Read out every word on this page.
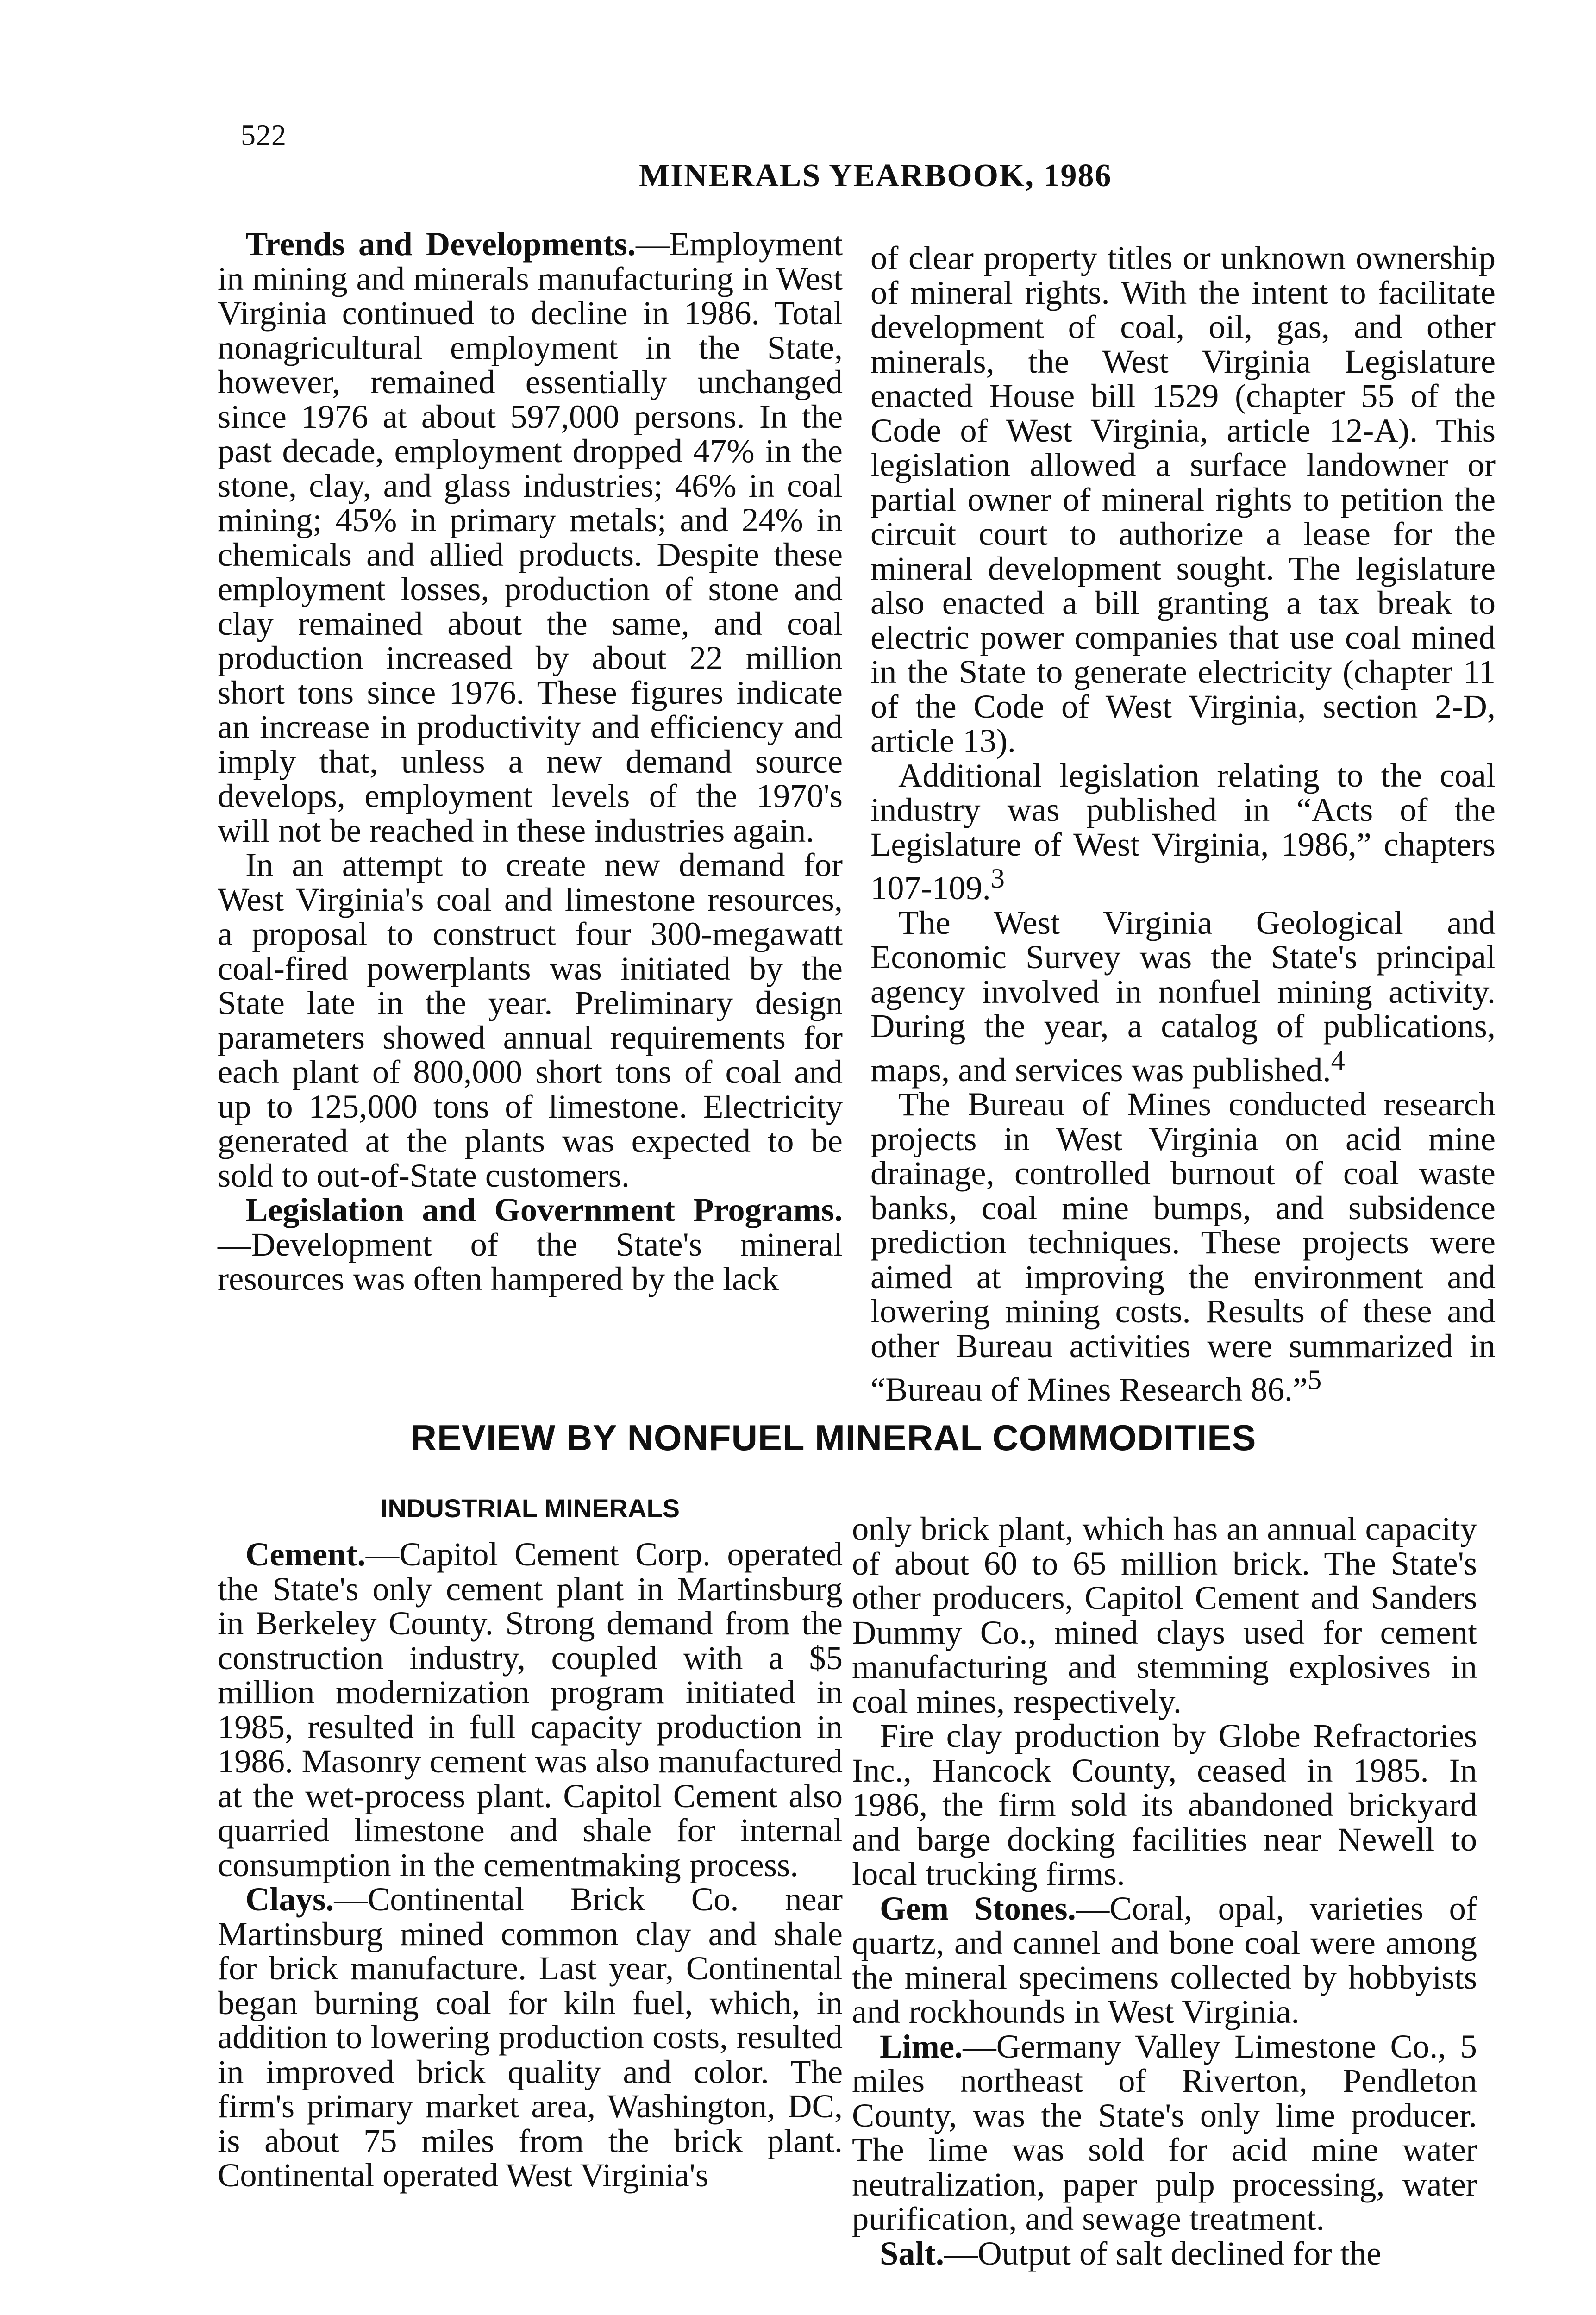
522
MINERALS YEARBOOK, 1986

Trends and Developments.—Employment in mining and minerals manufacturing in West Virginia continued to decline in 1986. Total nonagricultural employment in the State, however, remained essentially unchanged since 1976 at about 597,000 persons. In the past decade, employment dropped 47% in the stone, clay, and glass industries; 46% in coal mining; 45% in primary metals; and 24% in chemicals and allied products. Despite these employment losses, production of stone and clay remained about the same, and coal production increased by about 22 million short tons since 1976. These figures indicate an increase in productivity and efficiency and imply that, unless a new demand source develops, employment levels of the 1970's will not be reached in these industries again.

In an attempt to create new demand for West Virginia's coal and limestone resources, a proposal to construct four 300-megawatt coal-fired powerplants was initiated by the State late in the year. Preliminary design parameters showed annual requirements for each plant of 800,000 short tons of coal and up to 125,000 tons of limestone. Electricity generated at the plants was expected to be sold to out-of-State customers.

Legislation and Government Programs.—Development of the State's mineral resources was often hampered by the lack

of clear property titles or unknown ownership of mineral rights. With the intent to facilitate development of coal, oil, gas, and other minerals, the West Virginia Legislature enacted House bill 1529 (chapter 55 of the Code of West Virginia, article 12-A). This legislation allowed a surface landowner or partial owner of mineral rights to petition the circuit court to authorize a lease for the mineral development sought. The legislature also enacted a bill granting a tax break to electric power companies that use coal mined in the State to generate electricity (chapter 11 of the Code of West Virginia, section 2-D, article 13).

Additional legislation relating to the coal industry was published in “Acts of the Legislature of West Virginia, 1986,” chapters 107-109.$^3$

The West Virginia Geological and Economic Survey was the State's principal agency involved in nonfuel mining activity. During the year, a catalog of publications, maps, and services was published.$^4$

The Bureau of Mines conducted research projects in West Virginia on acid mine drainage, controlled burnout of coal waste banks, coal mine bumps, and subsidence prediction techniques. These projects were aimed at improving the environment and lowering mining costs. Results of these and other Bureau activities were summarized in “Bureau of Mines Research 86.”$^5$

REVIEW BY NONFUEL MINERAL COMMODITIES
INDUSTRIAL MINERALS

Cement.—Capitol Cement Corp. operated the State's only cement plant in Martinsburg in Berkeley County. Strong demand from the construction industry, coupled with a $5 million modernization program initiated in 1985, resulted in full capacity production in 1986. Masonry cement was also manufactured at the wet-process plant. Capitol Cement also quarried limestone and shale for internal consumption in the cementmaking process.

Clays.—Continental Brick Co. near Martinsburg mined common clay and shale for brick manufacture. Last year, Continental began burning coal for kiln fuel, which, in addition to lowering production costs, resulted in improved brick quality and color. The firm's primary market area, Washington, DC, is about 75 miles from the brick plant. Continental operated West Virginia's

only brick plant, which has an annual capacity of about 60 to 65 million brick. The State's other producers, Capitol Cement and Sanders Dummy Co., mined clays used for cement manufacturing and stemming explosives in coal mines, respectively.

Fire clay production by Globe Refractories Inc., Hancock County, ceased in 1985. In 1986, the firm sold its abandoned brickyard and barge docking facilities near Newell to local trucking firms.

Gem Stones.—Coral, opal, varieties of quartz, and cannel and bone coal were among the mineral specimens collected by hobbyists and rockhounds in West Virginia.

Lime.—Germany Valley Limestone Co., 5 miles northeast of Riverton, Pendleton County, was the State's only lime producer. The lime was sold for acid mine water neutralization, paper pulp processing, water purification, and sewage treatment.

Salt.—Output of salt declined for the
